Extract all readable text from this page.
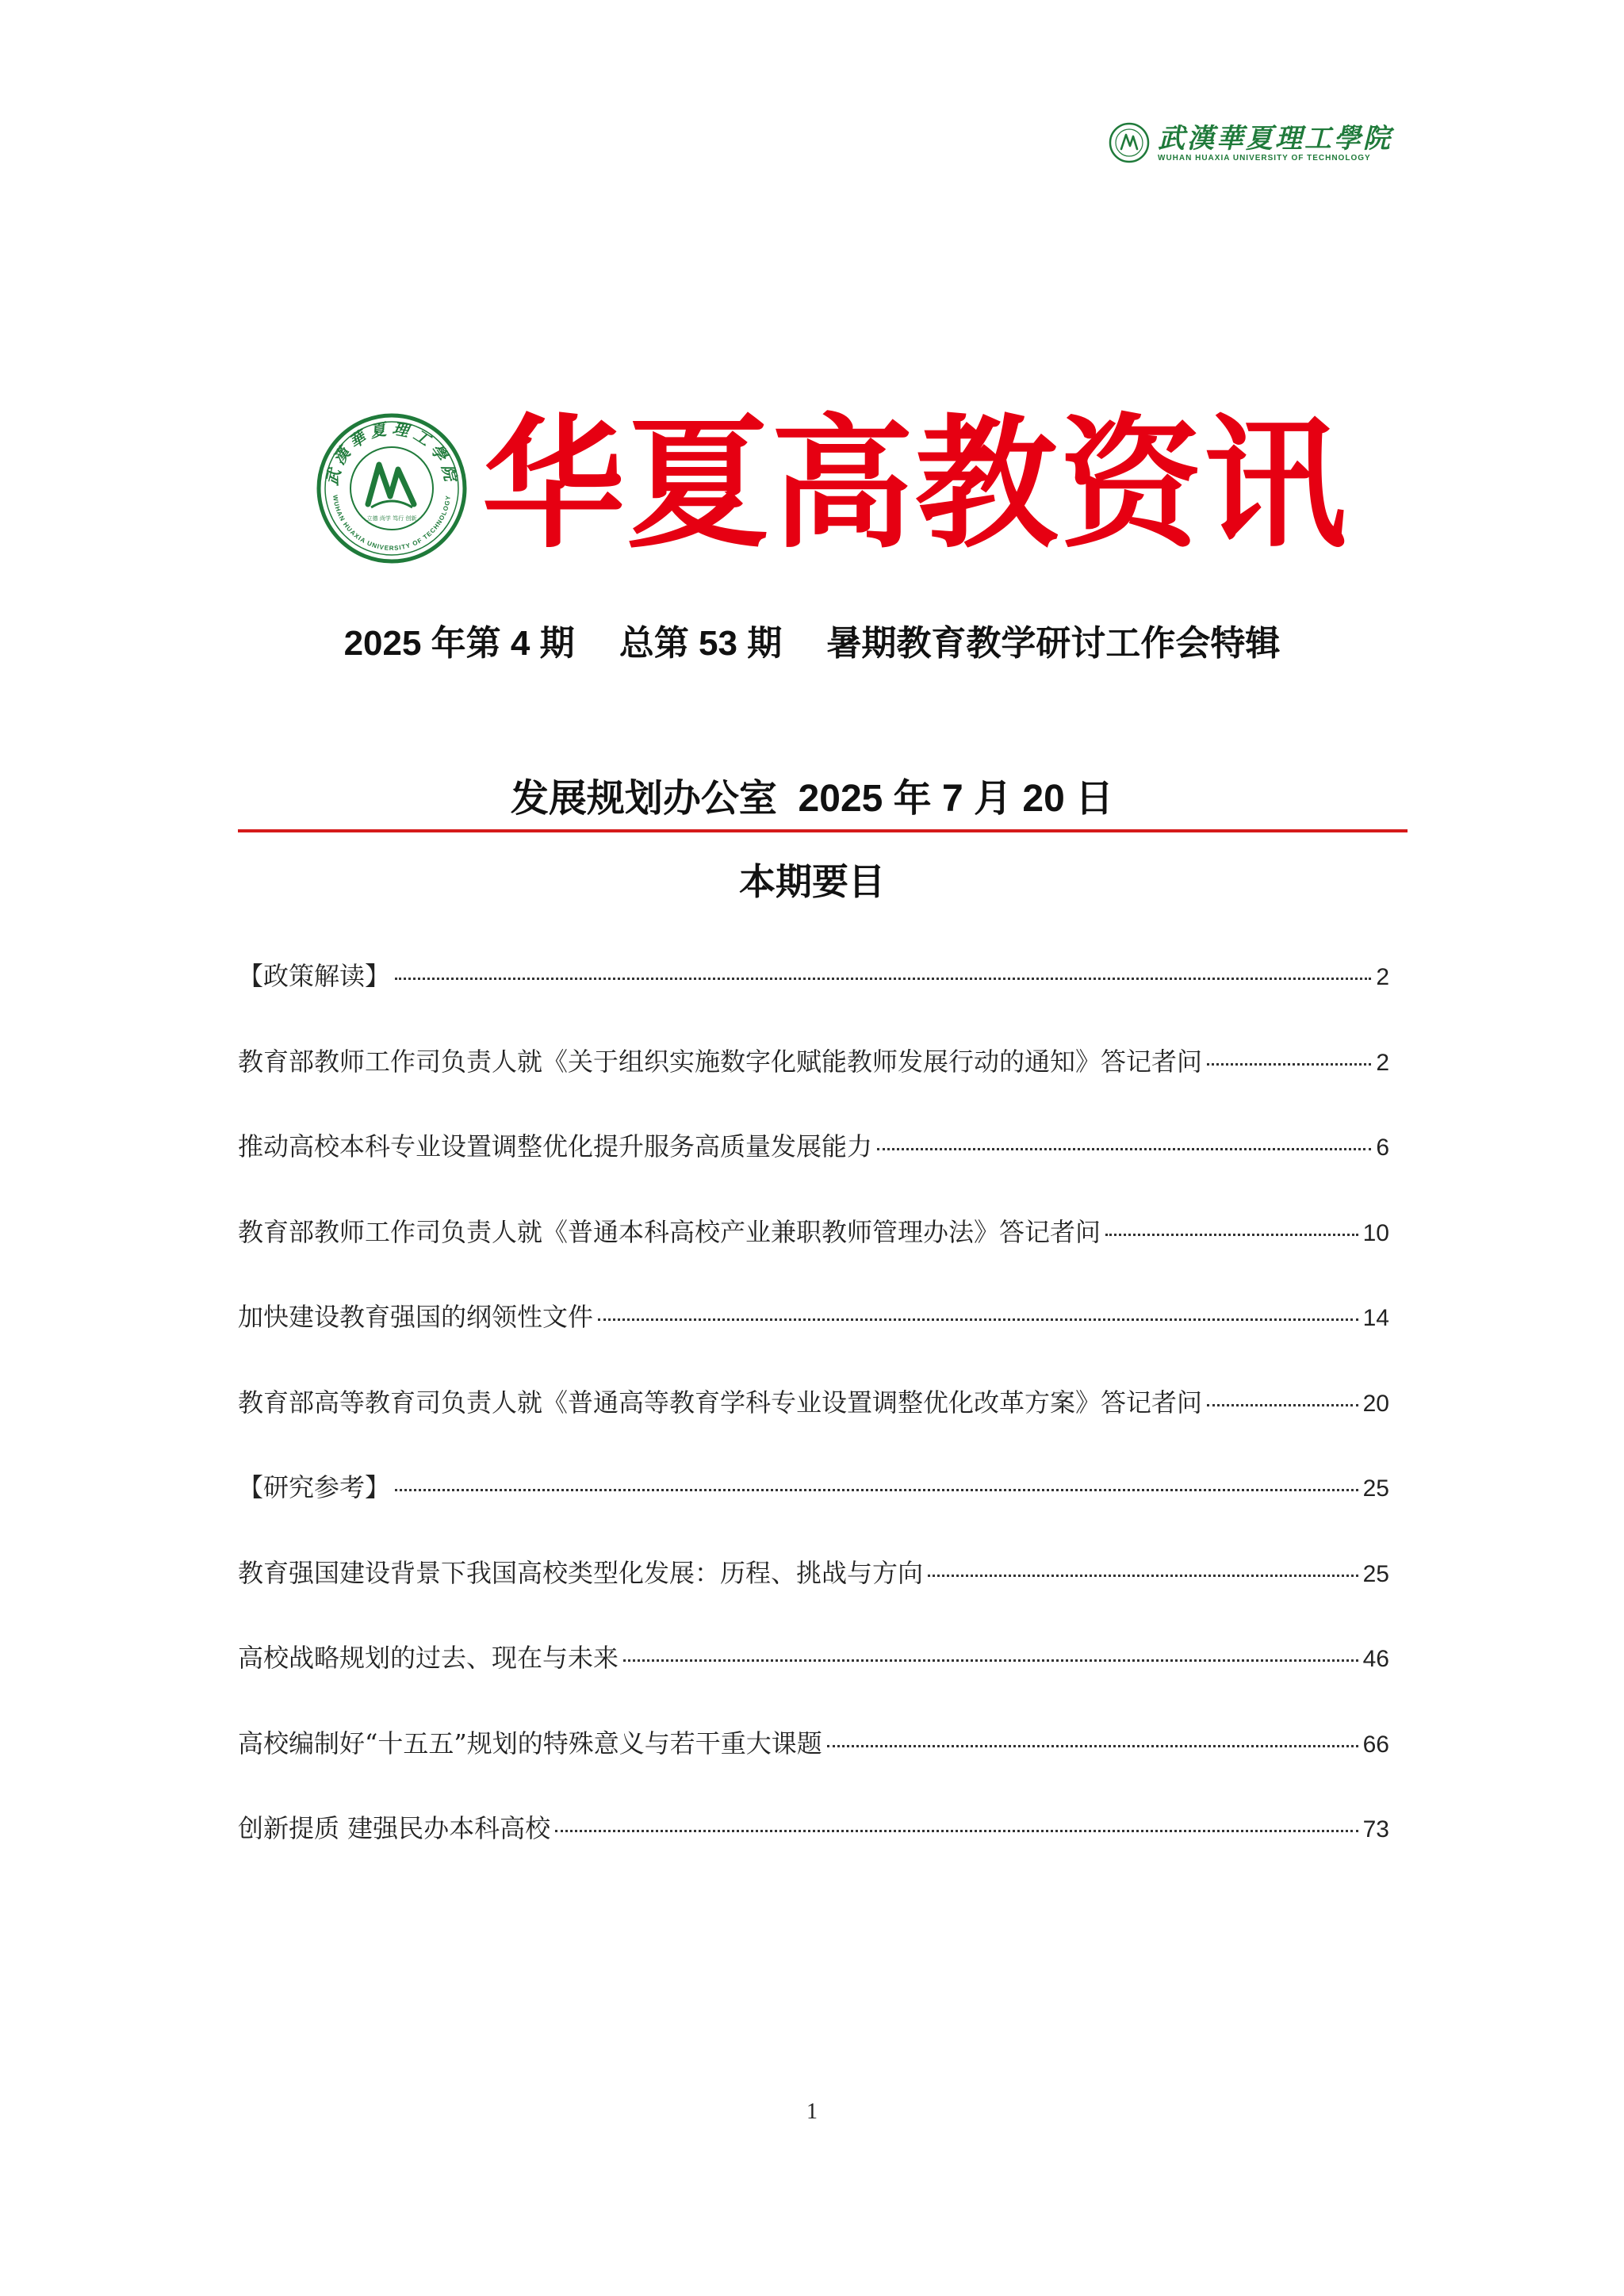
武漢華夏理工學院
WUHAN HUAXIA UNIVERSITY OF TECHNOLOGY
武漢華夏理工學院
WUHAN HUAXIA UNIVERSITY OF TECHNOLOGY
立德 尚学 笃行 创新 华夏高教资讯
2025 年第 4 期　 总第 53 期　 暑期教育教学研讨工作会特辑
发展规划办公室  2025 年 7 月 20 日
本期要目
【政策解读】	2
教育部教师工作司负责人就《关于组织实施数字化赋能教师发展行动的通知》答记者问	2
推动高校本科专业设置调整优化提升服务高质量发展能力	6
教育部教师工作司负责人就《普通本科高校产业兼职教师管理办法》答记者问	10
加快建设教育强国的纲领性文件	14
教育部高等教育司负责人就《普通高等教育学科专业设置调整优化改革方案》答记者问	20
【研究参考】	25
教育强国建设背景下我国高校类型化发展：历程、挑战与方向	25
高校战略规划的过去、现在与未来	46
高校编制好“十五五”规划的特殊意义与若干重大课题	66
创新提质 建强民办本科高校	73
1
